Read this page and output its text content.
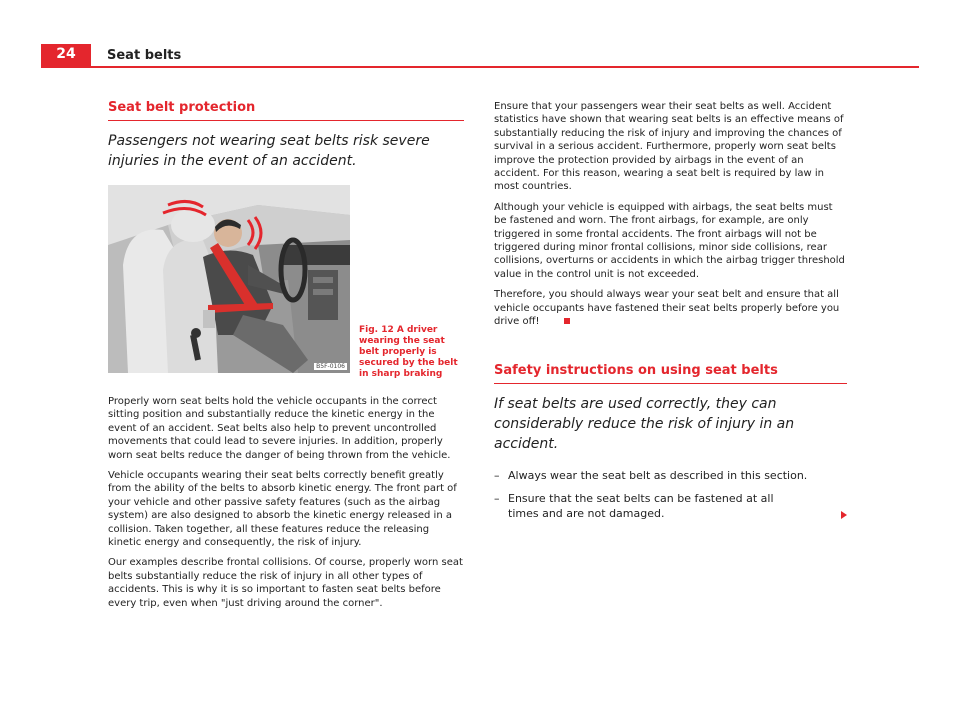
24	Seat belts
Seat belt protection
Passengers not wearing seat belts risk severe injuries in the event of an accident.
B5F-0106
Fig. 12 A driver wearing the seat belt properly is secured by the belt in sharp braking

Properly worn seat belts hold the vehicle occupants in the correct sitting position and substantially reduce the kinetic energy in the event of an accident. Seat belts also help to prevent uncontrolled movements that could lead to severe injuries. In addition, properly worn seat belts reduce the danger of being thrown from the vehicle.

Vehicle occupants wearing their seat belts correctly benefit greatly from the ability of the belts to absorb kinetic energy. The front part of your vehicle and other passive safety features (such as the airbag system) are also designed to absorb the kinetic energy released in a collision. Taken together, all these features reduce the releasing kinetic energy and consequently, the risk of injury.

Our examples describe frontal collisions. Of course, properly worn seat belts substantially reduce the risk of injury in all other types of accidents. This is why it is so important to fasten seat belts before every trip, even when "just driving around the corner".

Ensure that your passengers wear their seat belts as well. Accident statistics have shown that wearing seat belts is an effective means of substantially reducing the risk of injury and improving the chances of survival in a serious accident. Furthermore, properly worn seat belts improve the protection provided by airbags in the event of an accident. For this reason, wearing a seat belt is required by law in most countries.

Although your vehicle is equipped with airbags, the seat belts must be fastened and worn. The front airbags, for example, are only triggered in some frontal accidents. The front airbags will not be triggered during minor frontal collisions, minor side collisions, rear collisions, overturns or accidents in which the airbag trigger threshold value in the control unit is not exceeded.

Therefore, you should always wear your seat belt and ensure that all vehicle occupants have fastened their seat belts properly before you drive off!

Safety instructions on using seat belts
If seat belts are used correctly, they can considerably reduce the risk of injury in an accident.
– Always wear the seat belt as described in this section.
– Ensure that the seat belts can be fastened at all times and are not damaged.
